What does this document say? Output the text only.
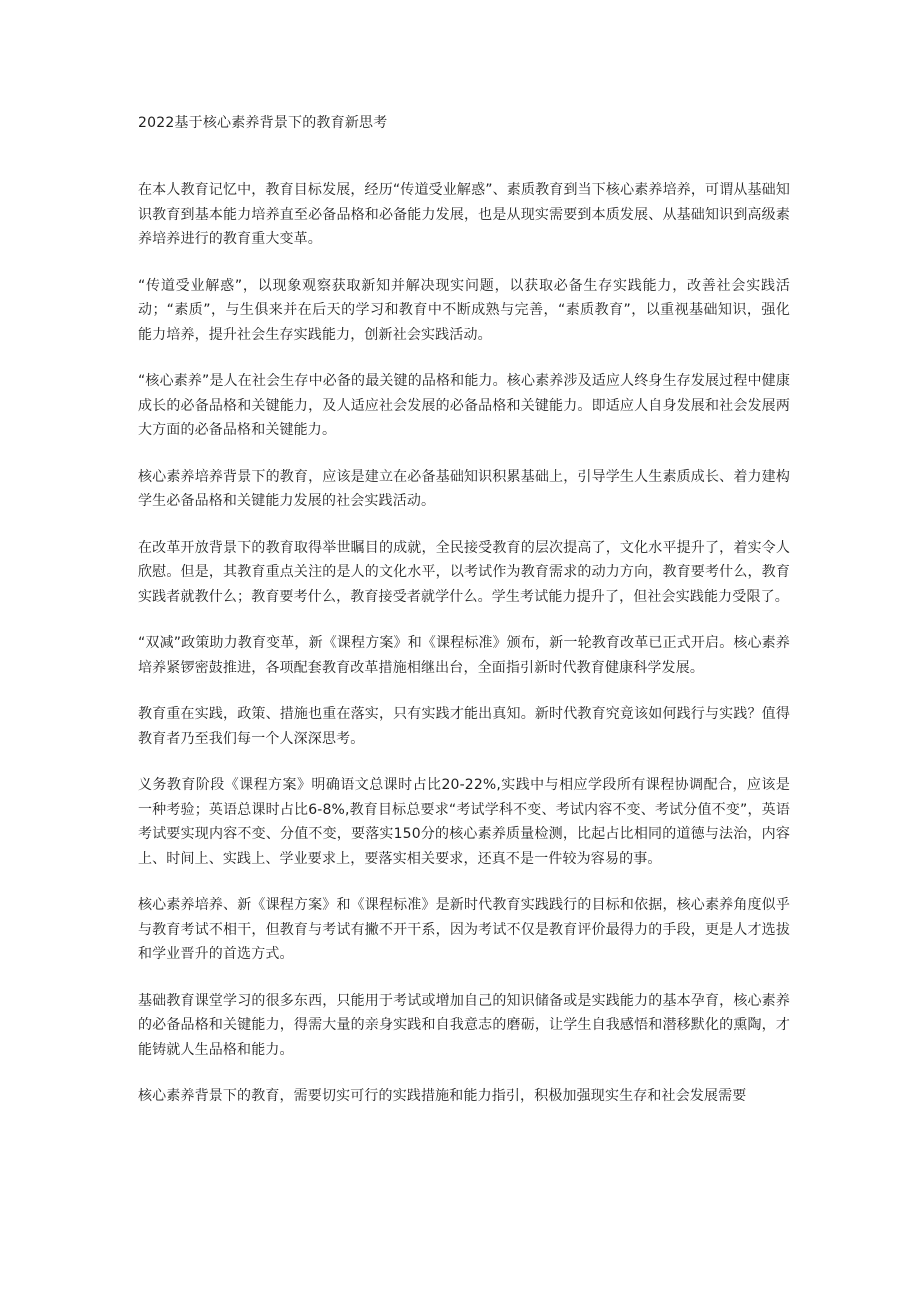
2022基于核心素养背景下的教育新思考

在本人教育记忆中，教育目标发展，经历“传道受业解惑”、素质教育到当下核心素养培养，可谓从基础知识教育到基本能力培养直至必备品格和必备能力发展，也是从现实需要到本质发展、从基础知识到高级素养培养进行的教育重大变革。

“传道受业解惑”，以现象观察获取新知并解决现实问题，以获取必备生存实践能力，改善社会实践活动；“素质”，与生俱来并在后天的学习和教育中不断成熟与完善，“素质教育”，以重视基础知识，强化能力培养，提升社会生存实践能力，创新社会实践活动。

“核心素养”是人在社会生存中必备的最关键的品格和能力。核心素养涉及适应人终身生存发展过程中健康成长的必备品格和关键能力，及人适应社会发展的必备品格和关键能力。即适应人自身发展和社会发展两大方面的必备品格和关键能力。

核心素养培养背景下的教育，应该是建立在必备基础知识积累基础上，引导学生人生素质成长、着力建构学生必备品格和关键能力发展的社会实践活动。

在改革开放背景下的教育取得举世瞩目的成就，全民接受教育的层次提高了，文化水平提升了，着实令人欣慰。但是，其教育重点关注的是人的文化水平，以考试作为教育需求的动力方向，教育要考什么，教育实践者就教什么；教育要考什么，教育接受者就学什么。学生考试能力提升了，但社会实践能力受限了。

“双减”政策助力教育变革，新《课程方案》和《课程标准》颁布，新一轮教育改革已正式开启。核心素养培养紧锣密鼓推进，各项配套教育改革措施相继出台，全面指引新时代教育健康科学发展。

教育重在实践，政策、措施也重在落实，只有实践才能出真知。新时代教育究竟该如何践行与实践？值得教育者乃至我们每一个人深深思考。

义务教育阶段《课程方案》明确语文总课时占比20-22%,实践中与相应学段所有课程协调配合，应该是一种考验；英语总课时占比6-8%,教育目标总要求“考试学科不变、考试内容不变、考试分值不变”，英语考试要实现内容不变、分值不变，要落实150分的核心素养质量检测，比起占比相同的道德与法治，内容上、时间上、实践上、学业要求上，要落实相关要求，还真不是一件较为容易的事。

核心素养培养、新《课程方案》和《课程标准》是新时代教育实践践行的目标和依据，核心素养角度似乎与教育考试不相干，但教育与考试有撇不开干系，因为考试不仅是教育评价最得力的手段，更是人才选拔和学业晋升的首选方式。

基础教育课堂学习的很多东西，只能用于考试或增加自己的知识储备或是实践能力的基本孕育，核心素养的必备品格和关键能力，得需大量的亲身实践和自我意志的磨砺，让学生自我感悟和潜移默化的熏陶，才能铸就人生品格和能力。

核心素养背景下的教育，需要切实可行的实践措施和能力指引，积极加强现实生存和社会发展需要
